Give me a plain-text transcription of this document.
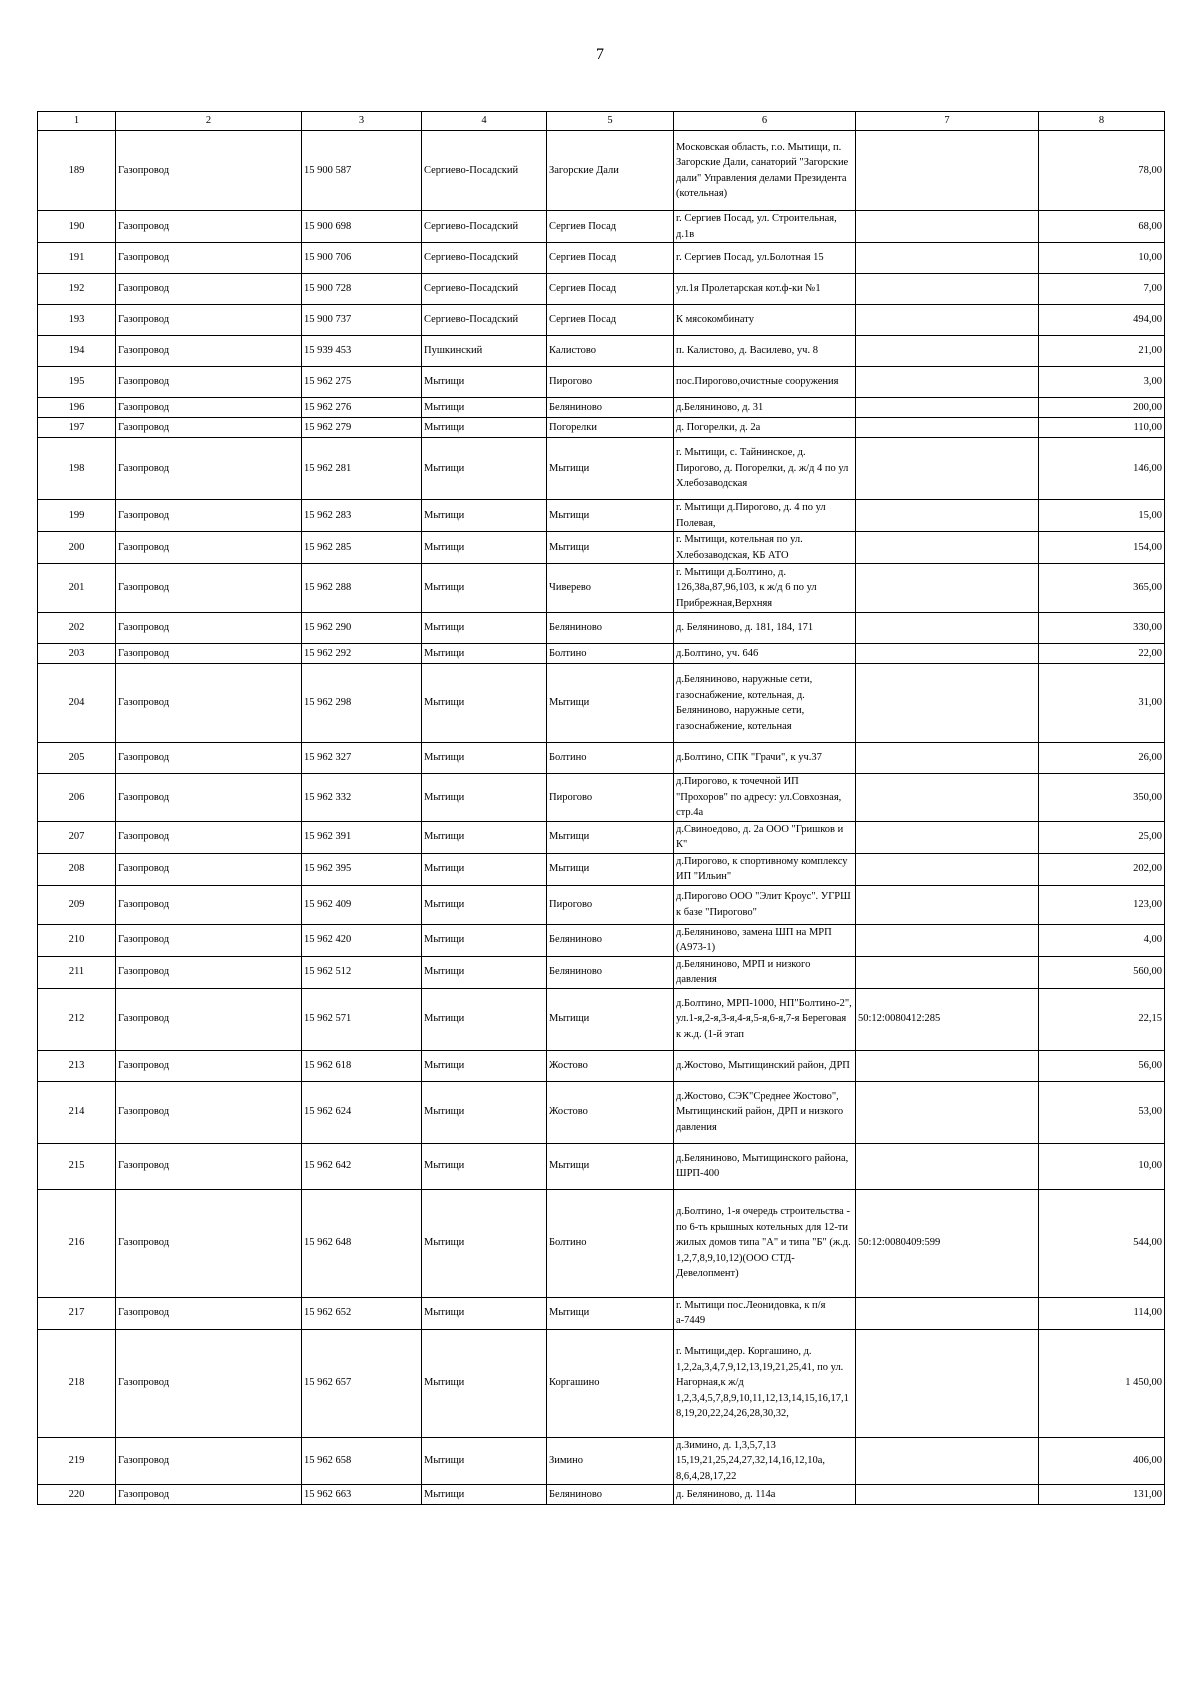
7
1	2	3	4	5	6	7	8
189	Газопровод	15 900 587	Сергиево-Посадский	Загорские Дали	Московская область, г.о. Мытищи, п. Загорские Дали, санаторий "Загорские дали" Управления делами Президента (котельная)		78,00
190	Газопровод	15 900 698	Сергиево-Посадский	Сергиев Посад	г. Сергиев Посад, ул. Строительная, д.1в		68,00
191	Газопровод	15 900 706	Сергиево-Посадский	Сергиев Посад	г. Сергиев Посад, ул.Болотная 15		10,00
192	Газопровод	15 900 728	Сергиево-Посадский	Сергиев Посад	ул.1я Пролетарская кот.ф-ки №1		7,00
193	Газопровод	15 900 737	Сергиево-Посадский	Сергиев Посад	К мясокомбинату		494,00
194	Газопровод	15 939 453	Пушкинский	Калистово	п. Калистово, д. Василево, уч. 8		21,00
195	Газопровод	15 962 275	Мытищи	Пирогово	пос.Пирогово,очистные сооружения		3,00
196	Газопровод	15 962 276	Мытищи	Беляниново	д.Беляниново, д. 31		200,00
197	Газопровод	15 962 279	Мытищи	Погорелки	д. Погорелки, д. 2а		110,00
198	Газопровод	15 962 281	Мытищи	Мытищи	г. Мытищи, с. Тайнинское, д. Пирогово, д. Погорелки, д. ж/д 4 по ул Хлебозаводская		146,00
199	Газопровод	15 962 283	Мытищи	Мытищи	г. Мытищи д.Пирогово, д. 4 по ул Полевая,		15,00
200	Газопровод	15 962 285	Мытищи	Мытищи	г. Мытищи, котельная по ул. Хлебозаводская, КБ АТО		154,00
201	Газопровод	15 962 288	Мытищи	Чиверево	г. Мытищи д.Болтино, д. 126,38а,87,96,103, к ж/д 6 по ул Прибрежная,Верхняя		365,00
202	Газопровод	15 962 290	Мытищи	Беляниново	д. Беляниново, д. 181, 184, 171		330,00
203	Газопровод	15 962 292	Мытищи	Болтино	д.Болтино, уч. 646		22,00
204	Газопровод	15 962 298	Мытищи	Мытищи	д.Беляниново, наружные сети, газоснабжение, котельная, д. Беляниново, наружные сети, газоснабжение, котельная		31,00
205	Газопровод	15 962 327	Мытищи	Болтино	д.Болтино, СПК "Грачи", к уч.37		26,00
206	Газопровод	15 962 332	Мытищи	Пирогово	д.Пирогово, к точечной ИП "Прохоров" по адресу: ул.Совхозная, стр.4а		350,00
207	Газопровод	15 962 391	Мытищи	Мытищи	д.Свиноедово, д. 2а ООО "Гришков и К"		25,00
208	Газопровод	15 962 395	Мытищи	Мытищи	д.Пирогово, к спортивному комплексу ИП "Ильин"		202,00
209	Газопровод	15 962 409	Мытищи	Пирогово	д.Пирогово ООО "Элит Кроус". УГРШ к базе "Пирогово"		123,00
210	Газопровод	15 962 420	Мытищи	Беляниново	д.Беляниново, замена ШП на МРП (А973-1)		4,00
211	Газопровод	15 962 512	Мытищи	Беляниново	д.Беляниново, МРП и низкого давления		560,00
212	Газопровод	15 962 571	Мытищи	Мытищи	д.Болтино, МРП-1000, НП"Болтино-2", ул.1-я,2-я,3-я,4-я,5-я,6-я,7-я Береговая к ж.д. (1-й этап	50:12:0080412:285	22,15
213	Газопровод	15 962 618	Мытищи	Жостово	д.Жостово, Мытищинский район, ДРП		56,00
214	Газопровод	15 962 624	Мытищи	Жостово	д.Жостово, СЭК"Среднее Жостово", Мытищинский район, ДРП и низкого давления		53,00
215	Газопровод	15 962 642	Мытищи	Мытищи	д.Беляниново, Мытищинского района, ШРП-400		10,00
216	Газопровод	15 962 648	Мытищи	Болтино	д.Болтино, 1-я очередь строительства - по 6-ть крышных котельных для 12-ти жилых домов типа "А" и типа "Б" (ж.д. 1,2,7,8,9,10,12)(ООО СТД-Девелопмент)	50:12:0080409:599	544,00
217	Газопровод	15 962 652	Мытищи	Мытищи	г. Мытищи пос.Леонидовка, к п/я а-7449		114,00
218	Газопровод	15 962 657	Мытищи	Коргашино	г. Мытищи,дер. Коргашино, д. 1,2,2а,3,4,7,9,12,13,19,21,25,41, по ул. Нагорная,к ж/д 1,2,3,4,5,7,8,9,10,11,12,13,14,15,16,17,18,19,20,22,24,26,28,30,32,		1 450,00
219	Газопровод	15 962 658	Мытищи	Зимино	д.Зимино, д. 1,3,5,7,13 15,19,21,25,24,27,32,14,16,12,10а, 8,6,4,28,17,22		406,00
220	Газопровод	15 962 663	Мытищи	Беляниново	д. Беляниново, д. 114а		131,00
